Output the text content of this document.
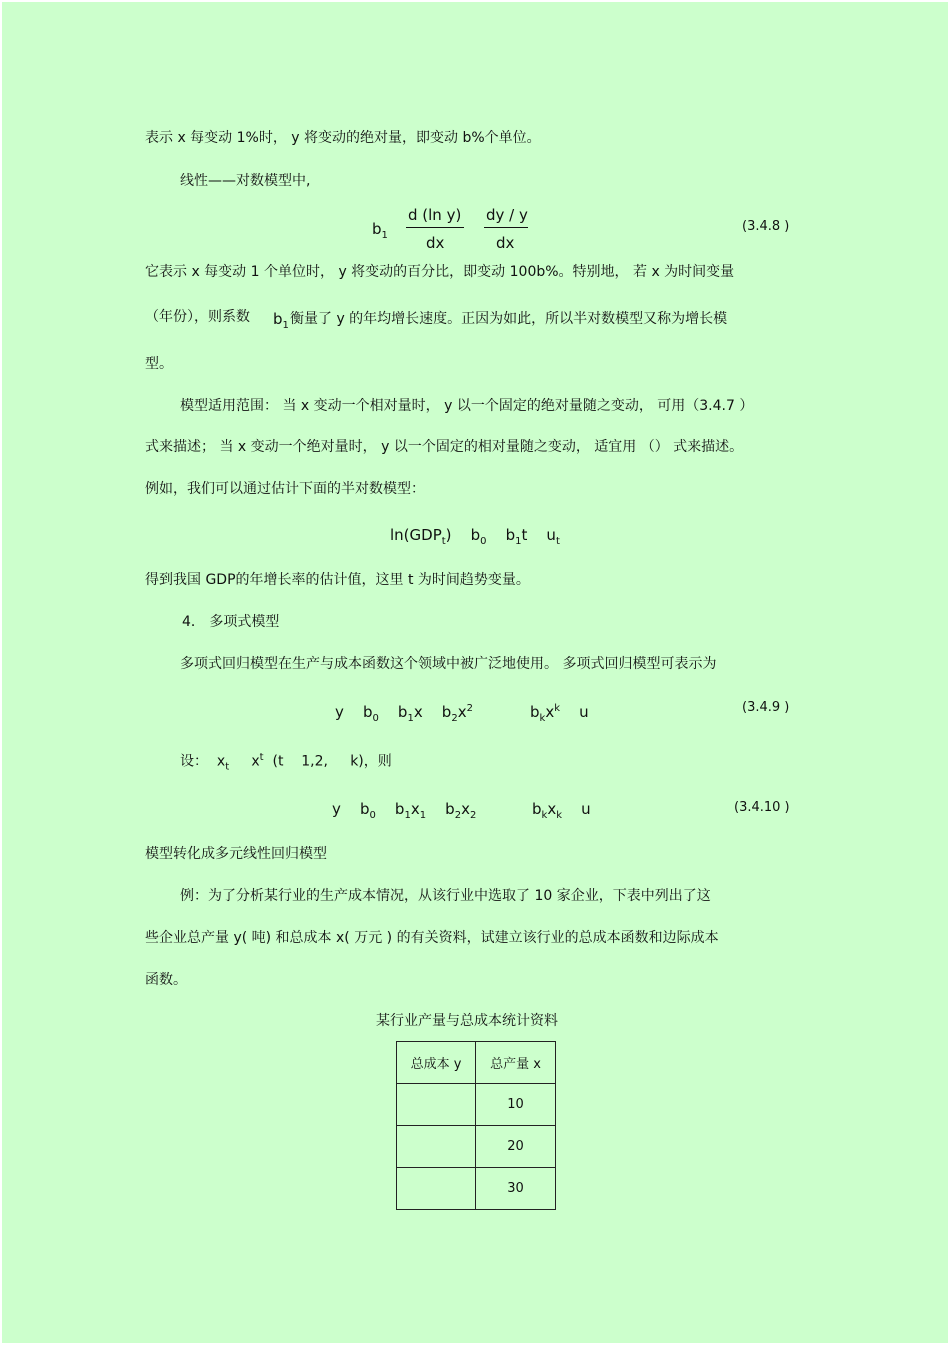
表示 x 每变动 1%时， y 将变动的绝对量，即变动 b%个单位。
线性——对数模型中,
$b_1$
d (ln y)
dx
dy / y
dx
(3.4.8 )
它表示 x 每变动 1 个单位时， y 将变动的百分比，即变动 100b%。特别地， 若 x 为时间变量
（年份），则系数 $b_1$ 衡量了 y 的年均增长速度。正因为如此，所以半对数模型又称为增长模
型。
模型适用范围： 当 x 变动一个相对量时， y 以一个固定的绝对量随之变动， 可用（3.4.7 ）
式来描述； 当 x 变动一个绝对量时， y 以一个固定的相对量随之变动， 适宜用 （） 式来描述。
例如，我们可以通过估计下面的半对数模型：
$\ln(GDP_t)$    $b_0$    $b_1t$    $u_t$
得到我国 GDP的年增长率的估计值，这里 t 为时间趋势变量。
4． 多项式模型
多项式回归模型在生产与成本函数这个领域中被广泛地使用。 多项式回归模型可表示为
y    $b_0$    $b_1x$    $b_2x^2$	$b_kx^k$    u	(3.4.9 )
设：  $x_t$     $x^t$  (t    1,2,     k)，则
y    $b_0$    $b_1x_1$    $b_2x_2$	$b_kx_k$    u	(3.4.10 )
模型转化成多元线性回归模型
例：为了分析某行业的生产成本情况，从该行业中选取了 10 家企业，下表中列出了这
些企业总产量 y( 吨) 和总成本 x( 万元 ) 的有关资料，试建立该行业的总成本函数和边际成本
函数。
某行业产量与总成本统计资料
总成本 y	总产量 x
	10
	20
	30
